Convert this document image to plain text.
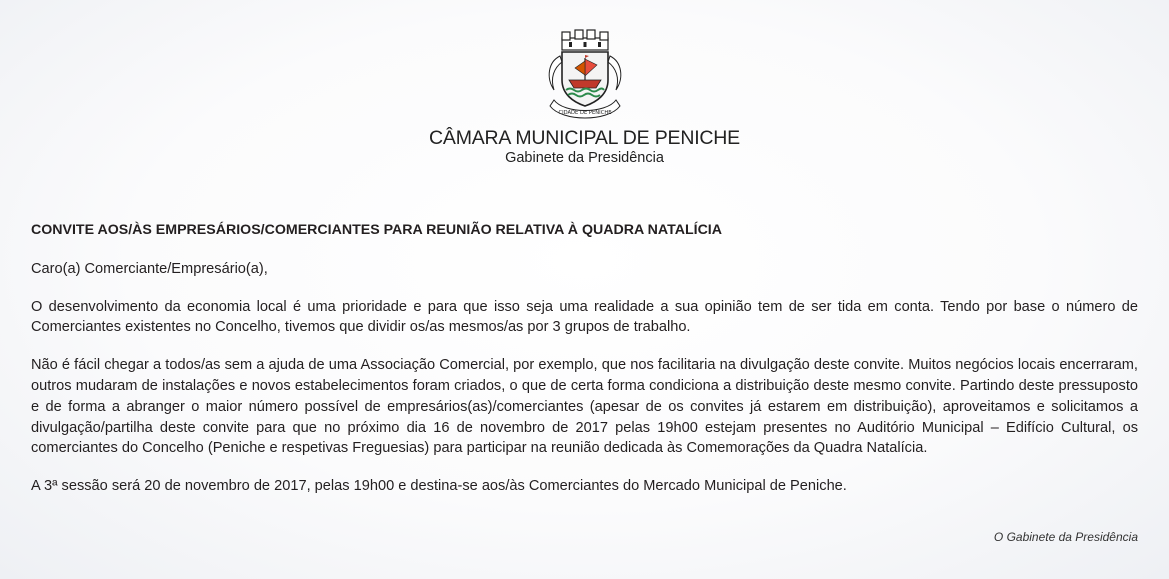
CIDADE DE PENICHE
CÂMARA MUNICIPAL DE PENICHE
Gabinete da Presidência

CONVITE AOS/ÀS EMPRESÁRIOS/COMERCIANTES PARA REUNIÃO RELATIVA À QUADRA NATALÍCIA

Caro(a) Comerciante/Empresário(a),

O desenvolvimento da economia local é uma prioridade e para que isso seja uma realidade a sua opinião tem de ser tida em conta. Tendo por base o número de Comerciantes existentes no Concelho, tivemos que dividir os/as mesmos/as por 3 grupos de trabalho.

Não é fácil chegar a todos/as sem a ajuda de uma Associação Comercial, por exemplo, que nos facilitaria na divulgação deste convite. Muitos negócios locais encerraram, outros mudaram de instalações e novos estabelecimentos foram criados, o que de certa forma condiciona a distribuição deste mesmo convite. Partindo deste pressuposto e de forma a abranger o maior número possível de empresários(as)/comerciantes (apesar de os convites já estarem em distribuição), aproveitamos e solicitamos a divulgação/partilha deste convite para que no próximo dia 16 de novembro de 2017 pelas 19h00 estejam presentes no Auditório Municipal – Edifício Cultural, os comerciantes do Concelho (Peniche e respetivas Freguesias) para participar na reunião dedicada às Comemorações da Quadra Natalícia.

A 3ª sessão será 20 de novembro de 2017, pelas 19h00 e destina-se aos/às Comerciantes do Mercado Municipal de Peniche.

O Gabinete da Presidência
